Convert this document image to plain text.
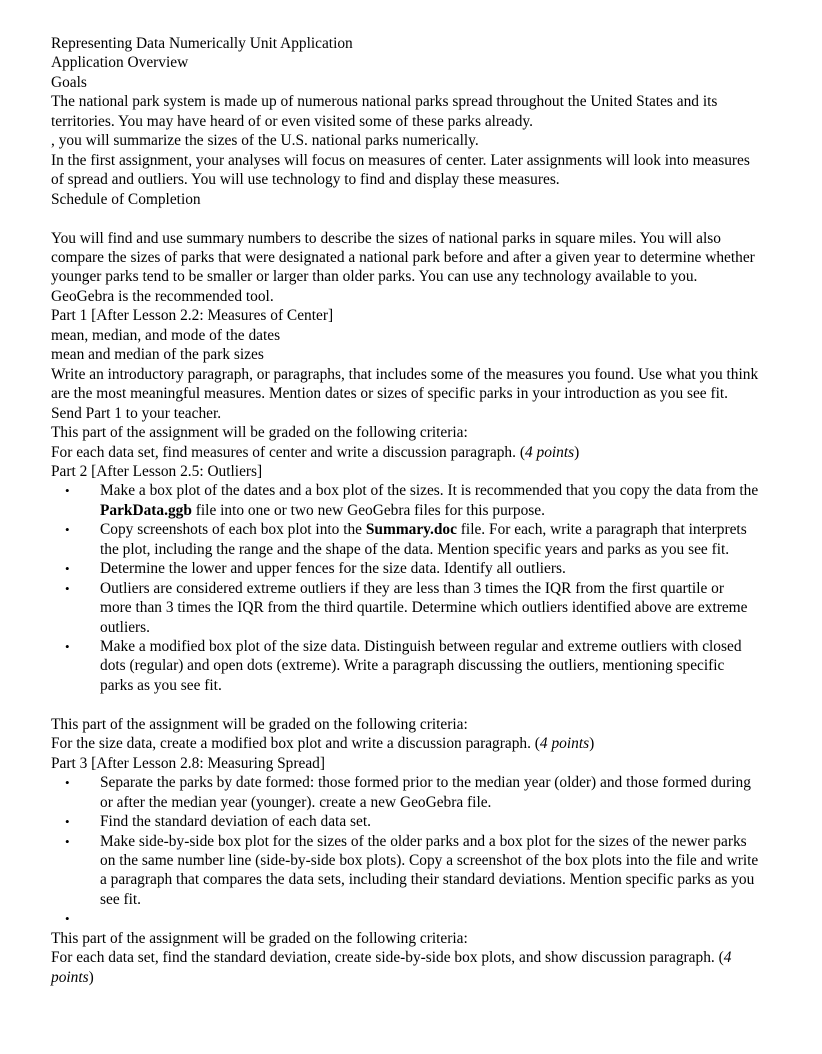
Representing Data Numerically Unit Application
Application Overview
Goals
The national park system is made up of numerous national parks spread throughout the United States and its territories. You may have heard of or even visited some of these parks already.
, you will summarize the sizes of the U.S. national parks numerically.
In the first assignment, your analyses will focus on measures of center. Later assignments will look into measures of spread and outliers. You will use technology to find and display these measures.
Schedule of Completion
You will find and use summary numbers to describe the sizes of national parks in square miles. You will also compare the sizes of parks that were designated a national park before and after a given year to determine whether younger parks tend to be smaller or larger than older parks. You can use any technology available to you. GeoGebra is the recommended tool.
Part 1 [After Lesson 2.2: Measures of Center]
mean, median, and mode of the dates
mean and median of the park sizes
Write an introductory paragraph, or paragraphs, that includes some of the measures you found. Use what you think are the most meaningful measures. Mention dates or sizes of specific parks in your introduction as you see fit.
Send Part 1 to your teacher.
This part of the assignment will be graded on the following criteria:
For each data set, find measures of center and write a discussion paragraph. (4 points)
Part 2 [After Lesson 2.5: Outliers]
• Make a box plot of the dates and a box plot of the sizes. It is recommended that you copy the data from the ParkData.ggb file into one or two new GeoGebra files for this purpose.
• Copy screenshots of each box plot into the Summary.doc file. For each, write a paragraph that interprets the plot, including the range and the shape of the data. Mention specific years and parks as you see fit.
• Determine the lower and upper fences for the size data. Identify all outliers.
• Outliers are considered extreme outliers if they are less than 3 times the IQR from the first quartile or more than 3 times the IQR from the third quartile. Determine which outliers identified above are extreme outliers.
• Make a modified box plot of the size data. Distinguish between regular and extreme outliers with closed dots (regular) and open dots (extreme). Write a paragraph discussing the outliers, mentioning specific parks as you see fit.
This part of the assignment will be graded on the following criteria:
For the size data, create a modified box plot and write a discussion paragraph. (4 points)
Part 3 [After Lesson 2.8: Measuring Spread]
• Separate the parks by date formed: those formed prior to the median year (older) and those formed during or after the median year (younger). create a new GeoGebra file.
• Find the standard deviation of each data set.
• Make side-by-side box plot for the sizes of the older parks and a box plot for the sizes of the newer parks on the same number line (side-by-side box plots). Copy a screenshot of the box plots into the file and write a paragraph that compares the data sets, including their standard deviations. Mention specific parks as you see fit.
•
This part of the assignment will be graded on the following criteria:
For each data set, find the standard deviation, create side-by-side box plots, and show discussion paragraph. (4 points)
